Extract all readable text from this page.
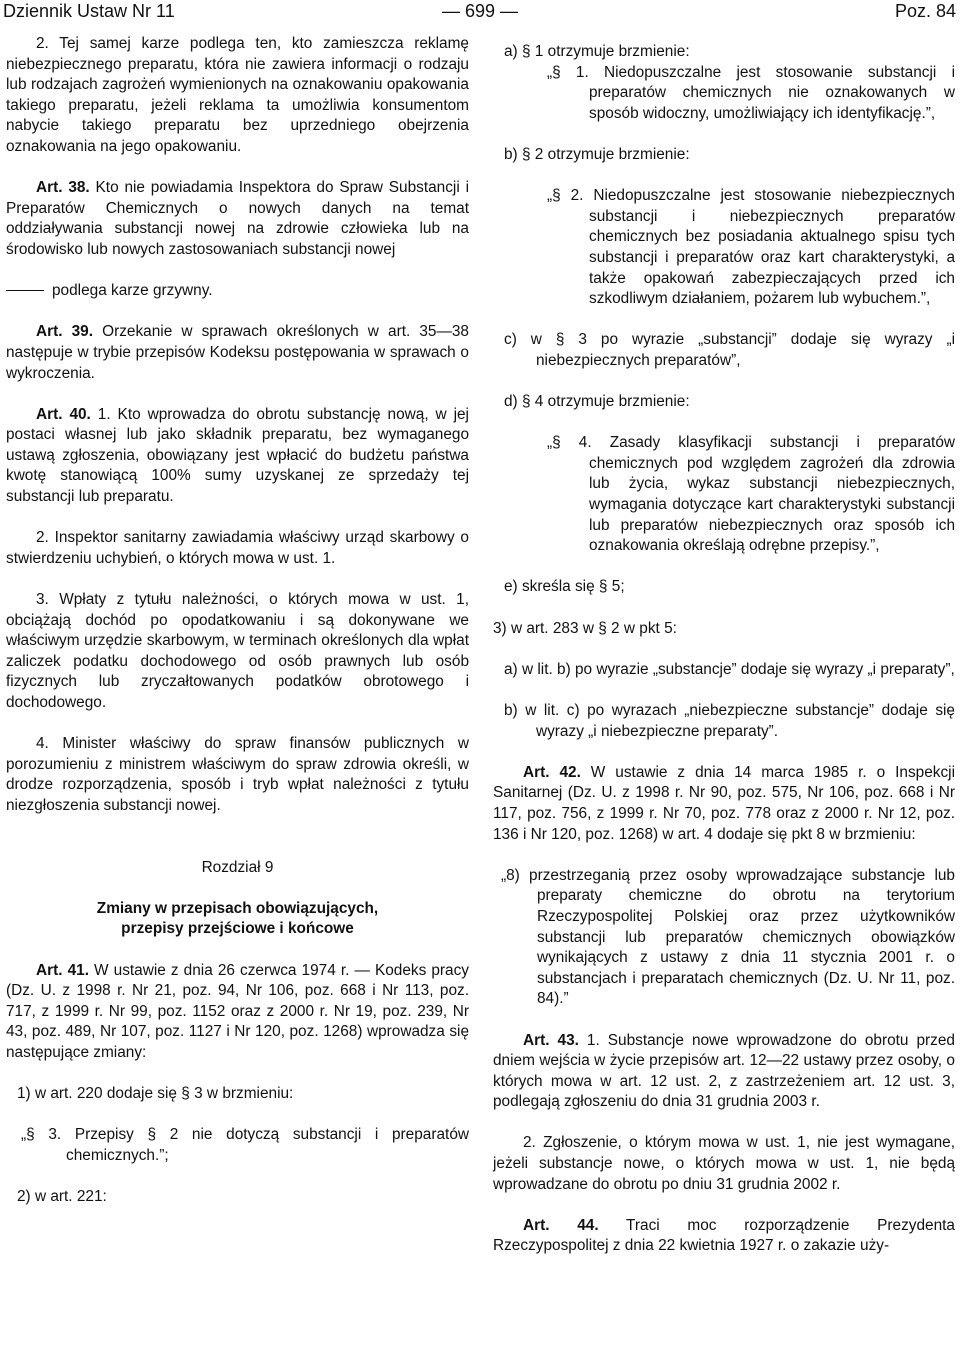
Dziennik Ustaw Nr 11	— 699 —	Poz. 84

2. Tej samej karze podlega ten, kto zamieszcza reklamę niebezpiecznego preparatu, która nie zawiera informacji o rodzaju lub rodzajach zagrożeń wymienionych na oznakowaniu opakowania takiego preparatu, jeżeli reklama ta umożliwia konsumentom nabycie takiego preparatu bez uprzedniego obejrzenia oznakowania na jego opakowaniu.

Art. 38. Kto nie powiadamia Inspektora do Spraw Substancji i Preparatów Chemicznych o nowych danych na temat oddziaływania substancji nowej na zdrowie człowieka lub na środowisko lub nowych zastosowaniach substancji nowej

podlega karze grzywny.

Art. 39. Orzekanie w sprawach określonych w art. 35—38 następuje w trybie przepisów Kodeksu postępowania w sprawach o wykroczenia.

Art. 40. 1. Kto wprowadza do obrotu substancję nową, w jej postaci własnej lub jako składnik preparatu, bez wymaganego ustawą zgłoszenia, obowiązany jest wpłacić do budżetu państwa kwotę stanowiącą 100% sumy uzyskanej ze sprzedaży tej substancji lub preparatu.

2. Inspektor sanitarny zawiadamia właściwy urząd skarbowy o stwierdzeniu uchybień, o których mowa w ust. 1.

3. Wpłaty z tytułu należności, o których mowa w ust. 1, obciążają dochód po opodatkowaniu i są dokonywane we właściwym urzędzie skarbowym, w terminach określonych dla wpłat zaliczek podatku dochodowego od osób prawnych lub osób fizycznych lub zryczałtowanych podatków obrotowego i dochodowego.

4. Minister właściwy do spraw finansów publicznych w porozumieniu z ministrem właściwym do spraw zdrowia określi, w drodze rozporządzenia, sposób i tryb wpłat należności z tytułu niezgłoszenia substancji nowej.

Rozdział 9

Zmiany w przepisach obowiązujących,

przepisy przejściowe i końcowe

Art. 41. W ustawie z dnia 26 czerwca 1974 r. — Kodeks pracy (Dz. U. z 1998 r. Nr 21, poz. 94, Nr 106, poz. 668 i Nr 113, poz. 717, z 1999 r. Nr 99, poz. 1152 oraz z 2000 r. Nr 19, poz. 239, Nr 43, poz. 489, Nr 107, poz. 1127 i Nr 120, poz. 1268) wprowadza się następujące zmiany:

1) w art. 220 dodaje się § 3 w brzmieniu:

„§ 3. Przepisy § 2 nie dotyczą substancji i preparatów chemicznych.”;

2) w art. 221:

a) § 1 otrzymuje brzmienie:

„§ 1. Niedopuszczalne jest stosowanie substancji i preparatów chemicznych nie oznakowanych w sposób widoczny, umożliwiający ich identyfikację.”,

b) § 2 otrzymuje brzmienie:

„§ 2. Niedopuszczalne jest stosowanie niebezpiecznych substancji i niebezpiecznych preparatów chemicznych bez posiadania aktualnego spisu tych substancji i preparatów oraz kart charakterystyki, a także opakowań zabezpieczających przed ich szkodliwym działaniem, pożarem lub wybuchem.”,

c) w § 3 po wyrazie „substancji” dodaje się wyrazy „i niebezpiecznych preparatów”,

d) § 4 otrzymuje brzmienie:

„§ 4. Zasady klasyfikacji substancji i preparatów chemicznych pod względem zagrożeń dla zdrowia lub życia, wykaz substancji niebezpiecznych, wymagania dotyczące kart charakterystyki substancji lub preparatów niebezpiecznych oraz sposób ich oznakowania określają odrębne przepisy.”,

e) skreśla się § 5;

3) w art. 283 w § 2 w pkt 5:

a) w lit. b) po wyrazie „substancje” dodaje się wyrazy „i preparaty”,

b) w lit. c) po wyrazach „niebezpieczne substancje” dodaje się wyrazy „i niebezpieczne preparaty”.

Art. 42. W ustawie z dnia 14 marca 1985 r. o Inspekcji Sanitarnej (Dz. U. z 1998 r. Nr 90, poz. 575, Nr 106, poz. 668 i Nr 117, poz. 756, z 1999 r. Nr 70, poz. 778 oraz z 2000 r. Nr 12, poz. 136 i Nr 120, poz. 1268) w art. 4 dodaje się pkt 8 w brzmieniu:

„8) przestrzeganią przez osoby wprowadzające substancje lub preparaty chemiczne do obrotu na terytorium Rzeczypospolitej Polskiej oraz przez użytkowników substancji lub preparatów chemicznych obowiązków wynikających z ustawy z dnia 11 stycznia 2001 r. o substancjach i preparatach chemicznych (Dz. U. Nr 11, poz. 84).”

Art. 43. 1. Substancje nowe wprowadzone do obrotu przed dniem wejścia w życie przepisów art. 12—22 ustawy przez osoby, o których mowa w art. 12 ust. 2, z zastrzeżeniem art. 12 ust. 3, podlegają zgłoszeniu do dnia 31 grudnia 2003 r.

2. Zgłoszenie, o którym mowa w ust. 1, nie jest wymagane, jeżeli substancje nowe, o których mowa w ust. 1, nie będą wprowadzane do obrotu po dniu 31 grudnia 2002 r.

Art. 44. Traci moc rozporządzenie Prezydenta Rzeczypospolitej z dnia 22 kwietnia 1927 r. o zakazie uży-
